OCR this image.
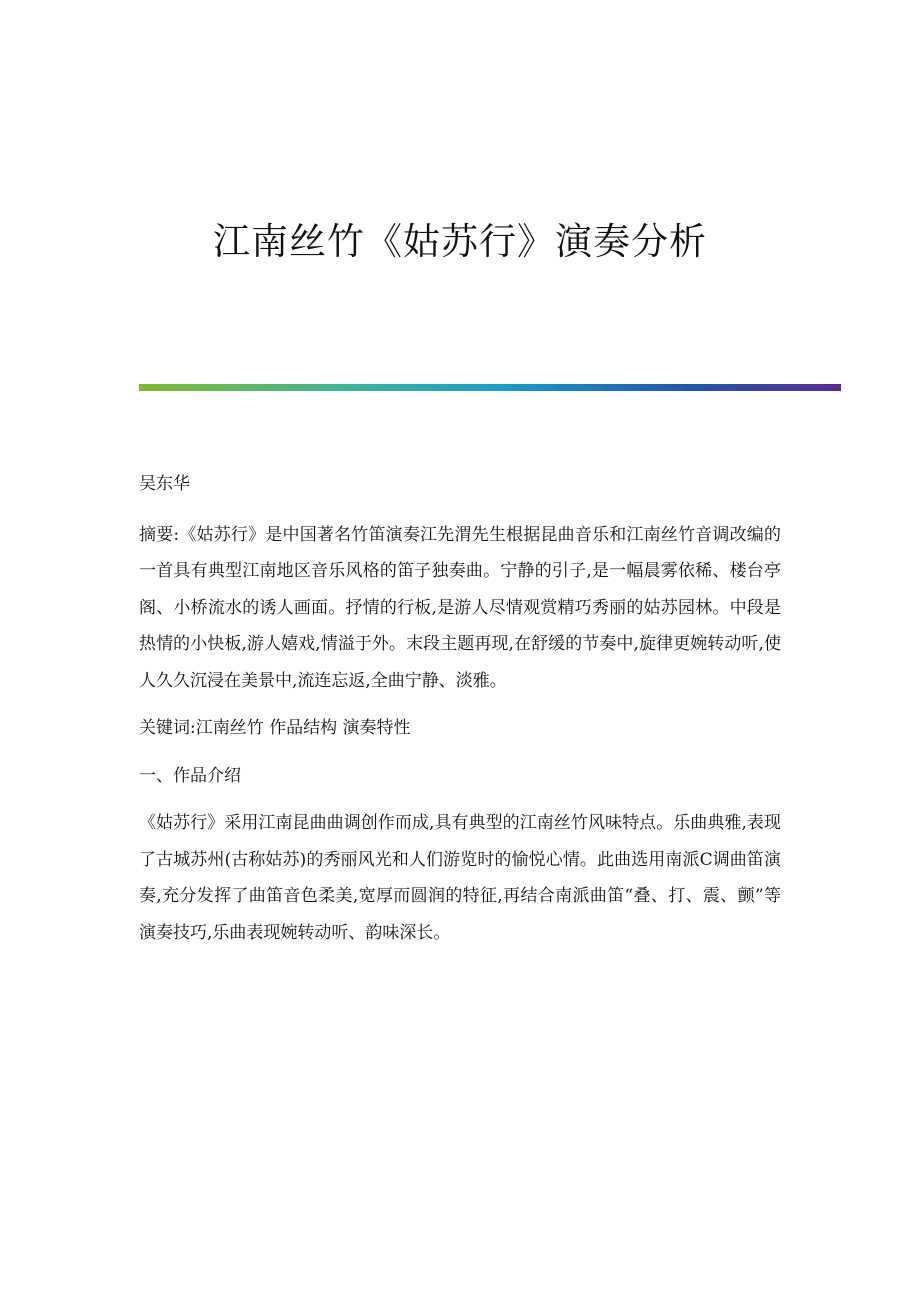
江南丝竹《姑苏行》演奏分析

吴东华

摘要:《姑苏行》是中国著名竹笛演奏江先渭先生根据昆曲音乐和江南丝竹音调改编的一首具有典型江南地区音乐风格的笛子独奏曲。宁静的引子,是一幅晨雾依稀、楼台亭阁、小桥流水的诱人画面。抒情的行板,是游人尽情观赏精巧秀丽的姑苏园林。中段是热情的小快板,游人嬉戏,情溢于外。末段主题再现,在舒缓的节奏中,旋律更婉转动听,使人久久沉浸在美景中,流连忘返,全曲宁静、淡雅。

关键词:江南丝竹 作品结构 演奏特性

一、作品介绍

《姑苏行》采用江南昆曲曲调创作而成,具有典型的江南丝竹风味特点。乐曲典雅,表现了古城苏州(古称姑苏)的秀丽风光和人们游览时的愉悦心情。此曲选用南派C调曲笛演奏,充分发挥了曲笛音色柔美,宽厚而圆润的特征,再结合南派曲笛“叠、打、震、颤”等演奏技巧,乐曲表现婉转动听、韵味深长。
